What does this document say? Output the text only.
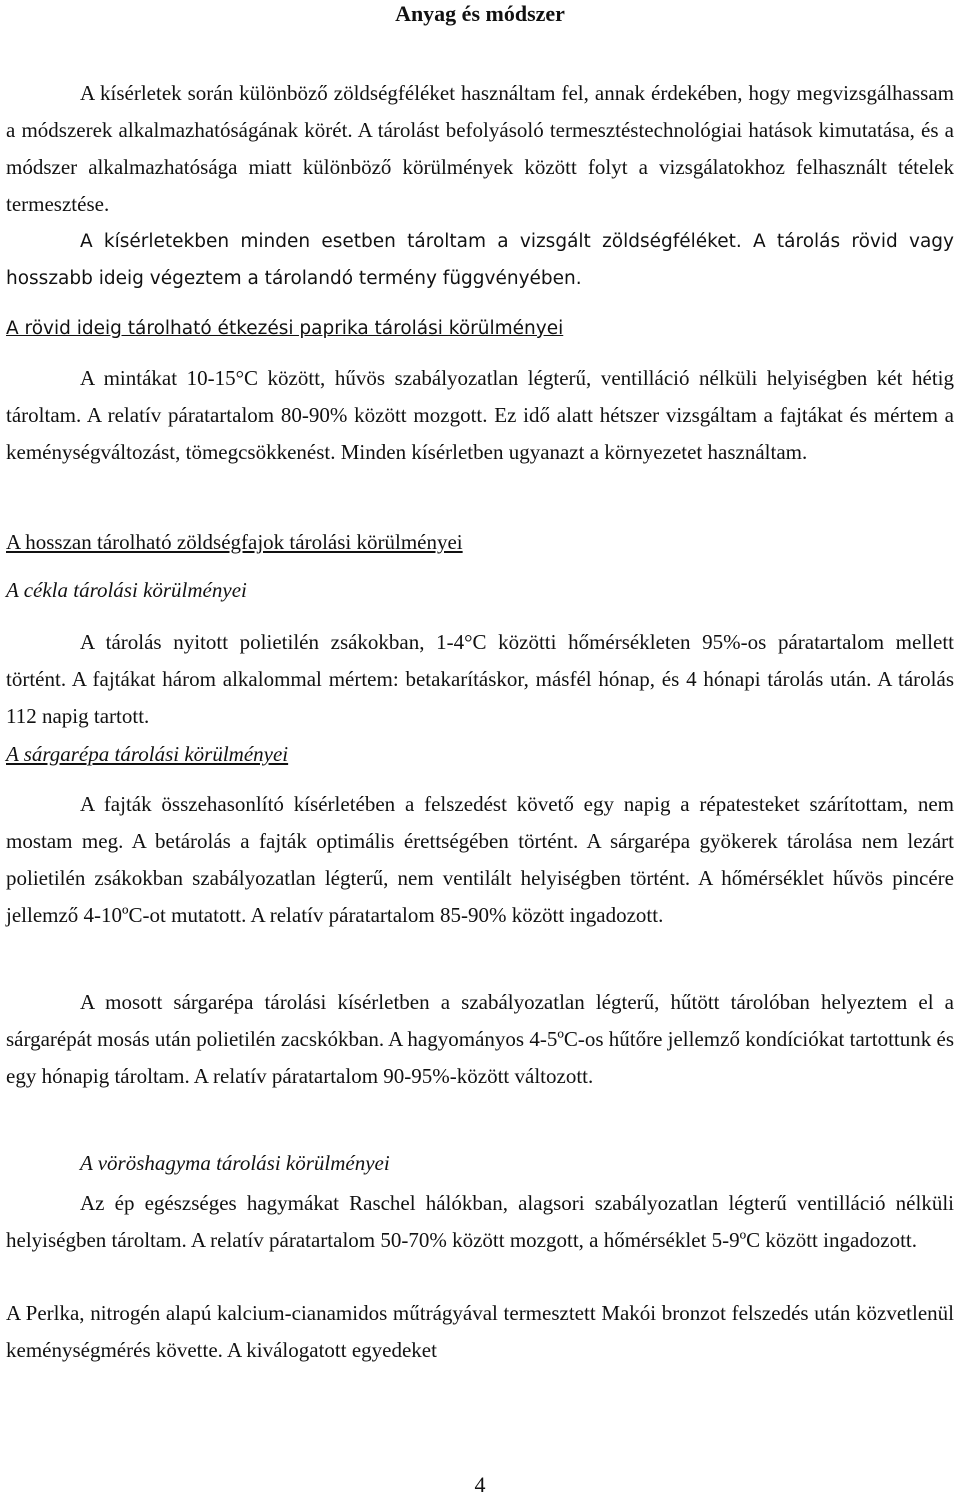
Anyag és módszer

A kísérletek során különböző zöldségféléket használtam fel, annak érdekében, hogy megvizsgálhassam a módszerek alkalmazhatóságának körét. A tárolást befolyásoló termesztéstechnológiai hatások kimutatása, és a módszer alkalmazhatósága miatt különböző körülmények között folyt a vizsgálatokhoz felhasznált tételek termesztése.

A kísérletekben minden esetben tároltam a vizsgált zöldségféléket. A tárolás rövid vagy hosszabb ideig végeztem a tárolandó termény függvényében.

A rövid ideig tárolható étkezési paprika tárolási körülményei

A mintákat 10-15°C között, hűvös szabályozatlan légterű, ventilláció nélküli helyiségben két hétig tároltam. A relatív páratartalom 80-90% között mozgott. Ez idő alatt hétszer vizsgáltam a fajtákat és mértem a keménységváltozást, tömegcsökkenést. Minden kísérletben ugyanazt a környezetet használtam.

A hosszan tárolható zöldségfajok tárolási körülményei
A cékla tárolási körülményei

A tárolás nyitott polietilén zsákokban, 1-4°C közötti hőmérsékleten 95%-os páratartalom mellett történt. A fajtákat három alkalommal mértem: betakarításkor, másfél hónap, és 4 hónapi tárolás után. A tárolás 112 napig tartott.

A sárgarépa tárolási körülményei

A fajták összehasonlító kísérletében a felszedést követő egy napig a répatesteket szárítottam, nem mostam meg. A betárolás a fajták optimális érettségében történt. A sárgarépa gyökerek tárolása nem lezárt polietilén zsákokban szabályozatlan légterű, nem ventilált helyiségben történt. A hőmérséklet hűvös pincére jellemző 4-10ºC-ot mutatott. A relatív páratartalom 85-90% között ingadozott.

A mosott sárgarépa tárolási kísérletben a szabályozatlan légterű, hűtött tárolóban helyeztem el a sárgarépát mosás után polietilén zacskókban. A hagyományos 4-5ºC-os hűtőre jellemző kondíciókat tartottunk és egy hónapig tároltam. A relatív páratartalom 90-95%-között változott.

A vöröshagyma tárolási körülményei

Az ép egészséges hagymákat Raschel hálókban, alagsori szabályozatlan légterű ventilláció nélküli helyiségben tároltam. A relatív páratartalom 50-70% között mozgott, a hőmérséklet 5-9ºC között ingadozott.

A Perlka, nitrogén alapú kalcium-cianamidos műtrágyával termesztett Makói bronzot felszedés után közvetlenül keménységmérés követte. A kiválogatott egyedeket

4
